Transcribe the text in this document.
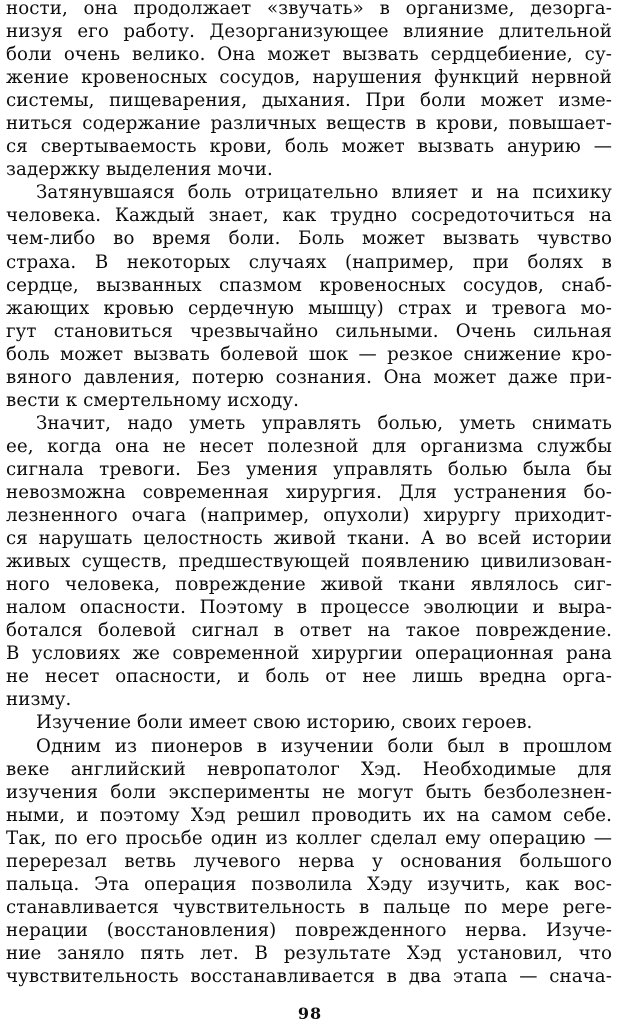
ности, она продолжает «звучать» в организме, дезорга-
низуя его работу. Дезорганизующее влияние длительной
боли очень велико. Она может вызвать сердцебиение, су-
жение кровеносных сосудов, нарушения функций нервной
системы, пищеварения, дыхания. При боли может изме-
ниться содержание различных веществ в крови, повышает-
ся свертываемость крови, боль может вызвать анурию —
задержку выделения мочи.
Затянувшаяся боль отрицательно влияет и на психику
человека. Каждый знает, как трудно сосредоточиться на
чем-либо во время боли. Боль может вызвать чувство
страха. В некоторых случаях (например, при болях в
сердце, вызванных спазмом кровеносных сосудов, снаб-
жающих кровью сердечную мышцу) страх и тревога мо-
гут становиться чрезвычайно сильными. Очень сильная
боль может вызвать болевой шок — резкое снижение кро-
вяного давления, потерю сознания. Она может даже при-
вести к смертельному исходу.
Значит, надо уметь управлять болью, уметь снимать
ее, когда она не несет полезной для организма службы
сигнала тревоги. Без умения управлять болью была бы
невозможна современная хирургия. Для устранения бо-
лезненного очага (например, опухоли) хирургу приходит-
ся нарушать целостность живой ткани. А во всей истории
живых существ, предшествующей появлению цивилизован-
ного человека, повреждение живой ткани являлось сиг-
налом опасности. Поэтому в процессе эволюции и выра-
ботался болевой сигнал в ответ на такое повреждение.
В условиях же современной хирургии операционная рана
не несет опасности, и боль от нее лишь вредна орга-
низму.
Изучение боли имеет свою историю, своих героев.
Одним из пионеров в изучении боли был в прошлом
веке английский невропатолог Хэд. Необходимые для
изучения боли эксперименты не могут быть безболезнен-
ными, и поэтому Хэд решил проводить их на самом себе.
Так, по его просьбе один из коллег сделал ему операцию —
перерезал ветвь лучевого нерва у основания большого
пальца. Эта операция позволила Хэду изучить, как вос-
станавливается чувствительность в пальце по мере реге-
нерации (восстановления) поврежденного нерва. Изуче-
ние заняло пять лет. В результате Хэд установил, что
чувствительность восстанавливается в два этапа — снача-
98
